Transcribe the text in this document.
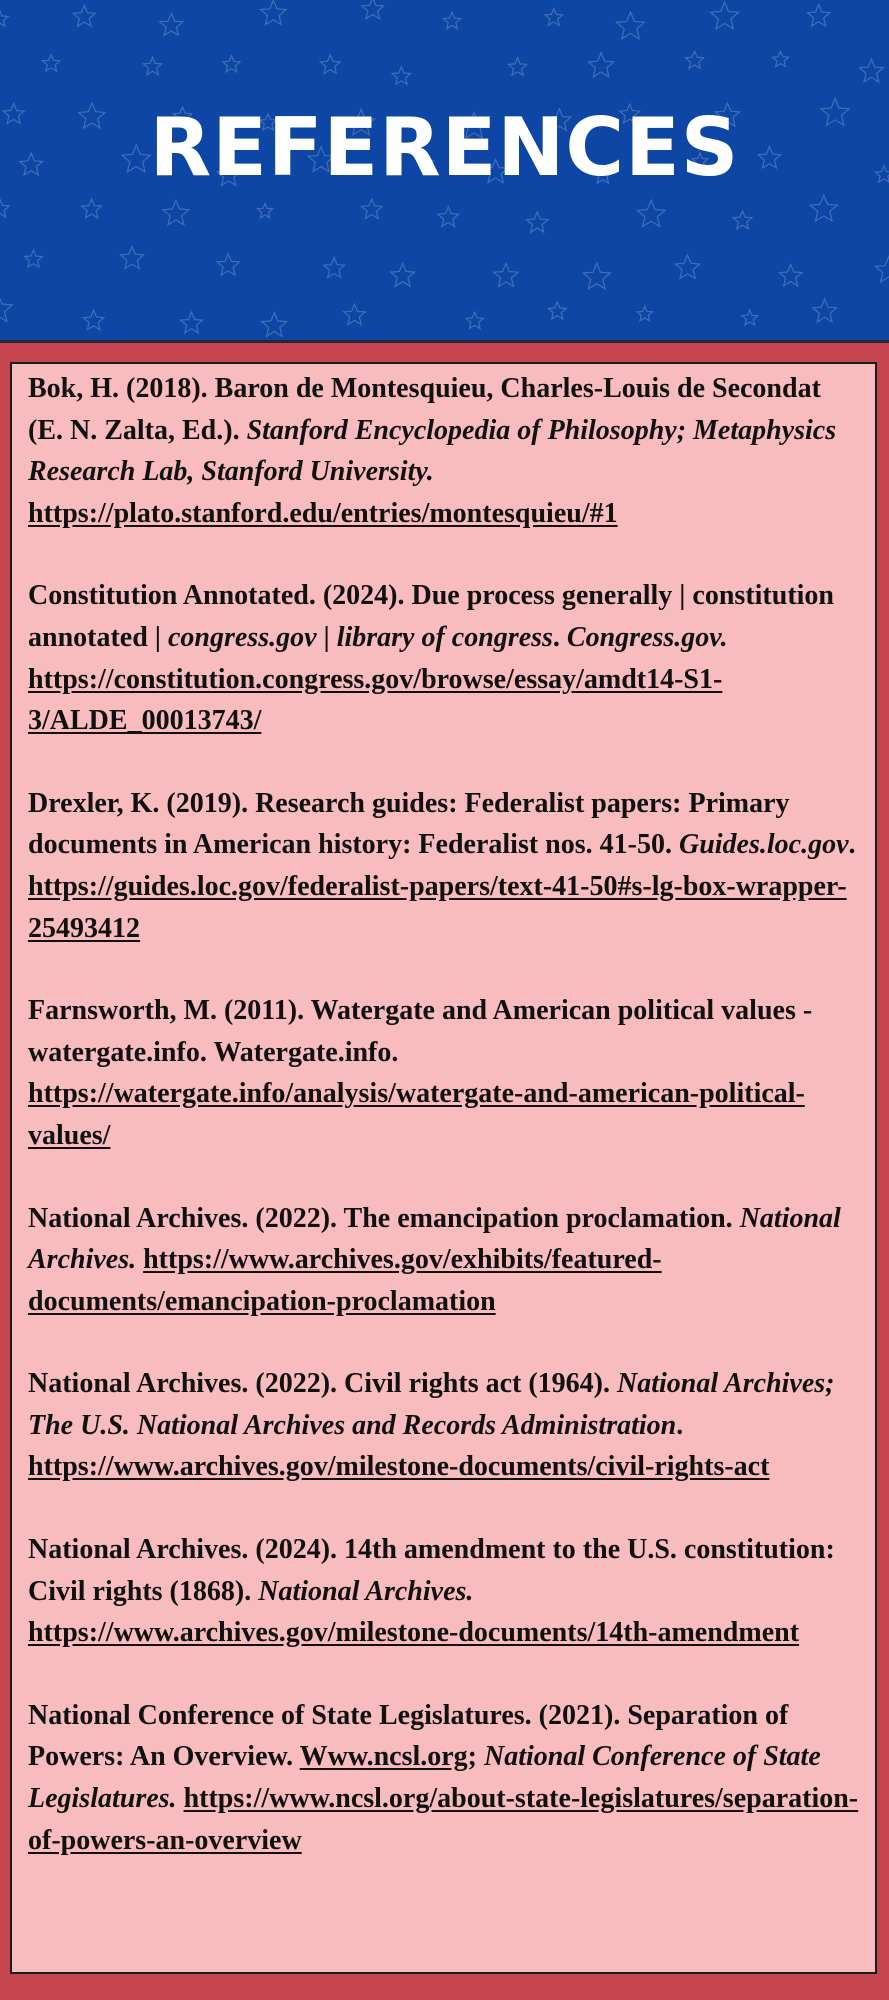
REFERENCES

Bok, H. (2018). Baron de Montesquieu, Charles-Louis de Secondat (E. N. Zalta, Ed.). Stanford Encyclopedia of Philosophy; Metaphysics Research Lab, Stanford University. https://plato.stanford.edu/entries/montesquieu/#1

Constitution Annotated. (2024). Due process generally | constitution annotated | congress.gov | library of congress. Congress.gov. https://constitution.congress.gov/browse/essay/amdt14-S1-3/ALDE_00013743/

Drexler, K. (2019). Research guides: Federalist papers: Primary documents in American history: Federalist nos. 41-50. Guides.loc.gov. https://guides.loc.gov/federalist-papers/text-41-50#s-lg-box-wrapper-25493412

Farnsworth, M. (2011). Watergate and American political values - watergate.info. Watergate.info. https://watergate.info/analysis/watergate-and-american-political-values/

National Archives. (2022). The emancipation proclamation. National Archives. https://www.archives.gov/exhibits/featured-documents/emancipation-proclamation

National Archives. (2022). Civil rights act (1964). National Archives; The U.S. National Archives and Records Administration. https://www.archives.gov/milestone-documents/civil-rights-act

National Archives. (2024). 14th amendment to the U.S. constitution: Civil rights (1868). National Archives. https://www.archives.gov/milestone-documents/14th-amendment

National Conference of State Legislatures. (2021). Separation of Powers: An Overview. Www.ncsl.org; National Conference of State Legislatures. https://www.ncsl.org/about-state-legislatures/separation-of-powers-an-overview
